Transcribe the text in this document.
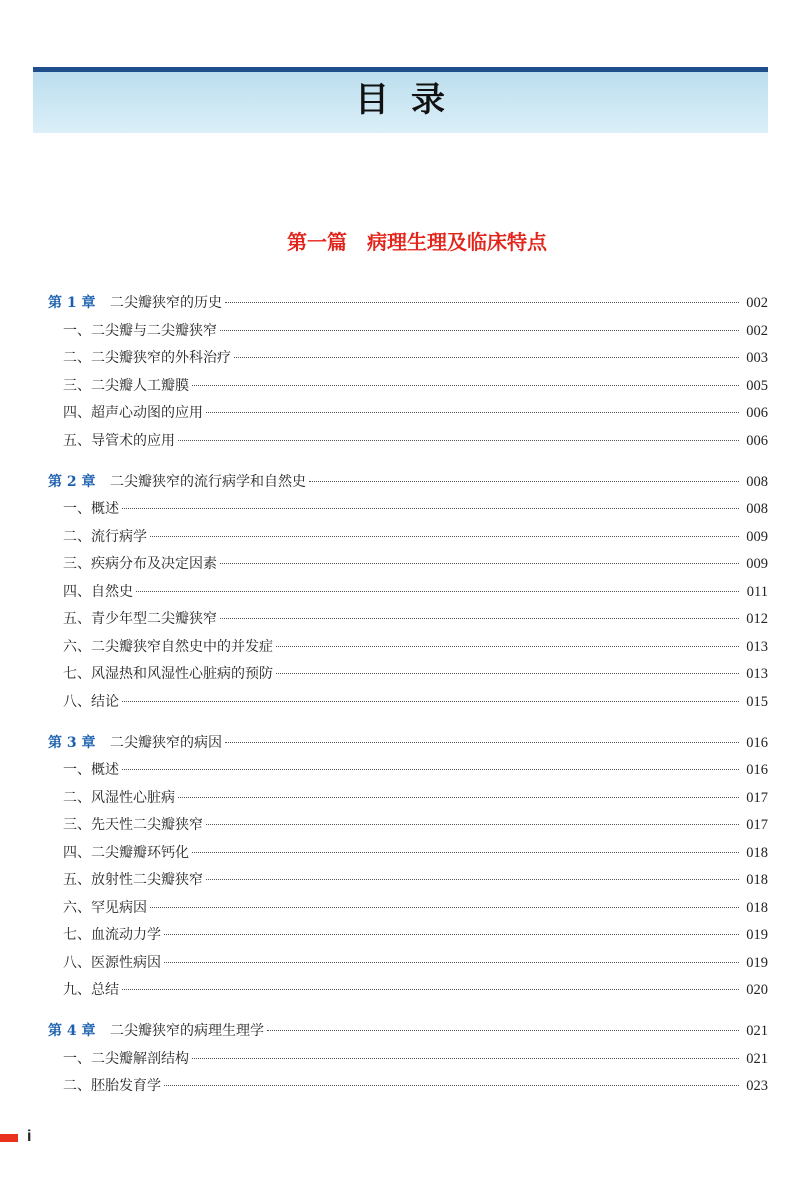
目录
第一篇 病理生理及临床特点
第 1 章	二尖瓣狭窄的历史	002
一、二尖瓣与二尖瓣狭窄	002
二、二尖瓣狭窄的外科治疗	003
三、二尖瓣人工瓣膜	005
四、超声心动图的应用	006
五、导管术的应用	006
第 2 章	二尖瓣狭窄的流行病学和自然史	008
一、概述	008
二、流行病学	009
三、疾病分布及决定因素	009
四、自然史	011
五、青少年型二尖瓣狭窄	012
六、二尖瓣狭窄自然史中的并发症	013
七、风湿热和风湿性心脏病的预防	013
八、结论	015
第 3 章	二尖瓣狭窄的病因	016
一、概述	016
二、风湿性心脏病	017
三、先天性二尖瓣狭窄	017
四、二尖瓣瓣环钙化	018
五、放射性二尖瓣狭窄	018
六、罕见病因	018
七、血流动力学	019
八、医源性病因	019
九、总结	020
第 4 章	二尖瓣狭窄的病理生理学	021
一、二尖瓣解剖结构	021
二、胚胎发育学	023
i
